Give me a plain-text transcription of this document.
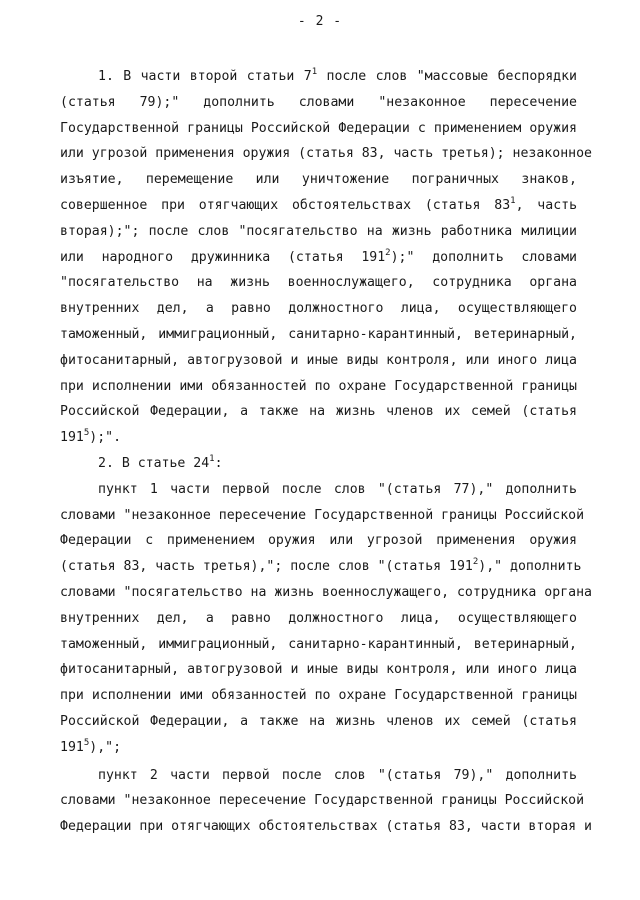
- 2 -
1. В части второй статьи $7^1$ после слов "массовые беспорядки
(статья 79);" дополнить словами "незаконное пересечение
Государственной границы Российской Федерации с применением оружия
или угрозой применения оружия (статья 83, часть третья); незаконное
изъятие, перемещение или уничтожение пограничных знаков,
совершенное при отягчающих обстоятельствах (статья $83^1$, часть
вторая);"; после слов "посягательство на жизнь работника милиции
или народного дружинника (статья $191^2$);" дополнить словами
"посягательство на жизнь военнослужащего, сотрудника органа
внутренних дел, а равно должностного лица, осуществляющего
таможенный, иммиграционный, санитарно-карантинный, ветеринарный,
фитосанитарный, автогрузовой и иные виды контроля, или иного лица
при исполнении ими обязанностей по охране Государственной границы
Российской Федерации, а также на жизнь членов их семей (статья
$191^5$);".
2. В статье $24^1$:
пункт 1 части первой после слов "(статья 77)," дополнить
словами "незаконное пересечение Государственной границы Российской
Федерации с применением оружия или угрозой применения оружия
(статья 83, часть третья),"; после слов "(статья $191^2$)," дополнить
словами "посягательство на жизнь военнослужащего, сотрудника органа
внутренних дел, а равно должностного лица, осуществляющего
таможенный, иммиграционный, санитарно-карантинный, ветеринарный,
фитосанитарный, автогрузовой и иные виды контроля, или иного лица
при исполнении ими обязанностей по охране Государственной границы
Российской Федерации, а также на жизнь членов их семей (статья
$191^5$),";
пункт 2 части первой после слов "(статья 79)," дополнить
словами "незаконное пересечение Государственной границы Российской
Федерации при отягчающих обстоятельствах (статья 83, части вторая и
